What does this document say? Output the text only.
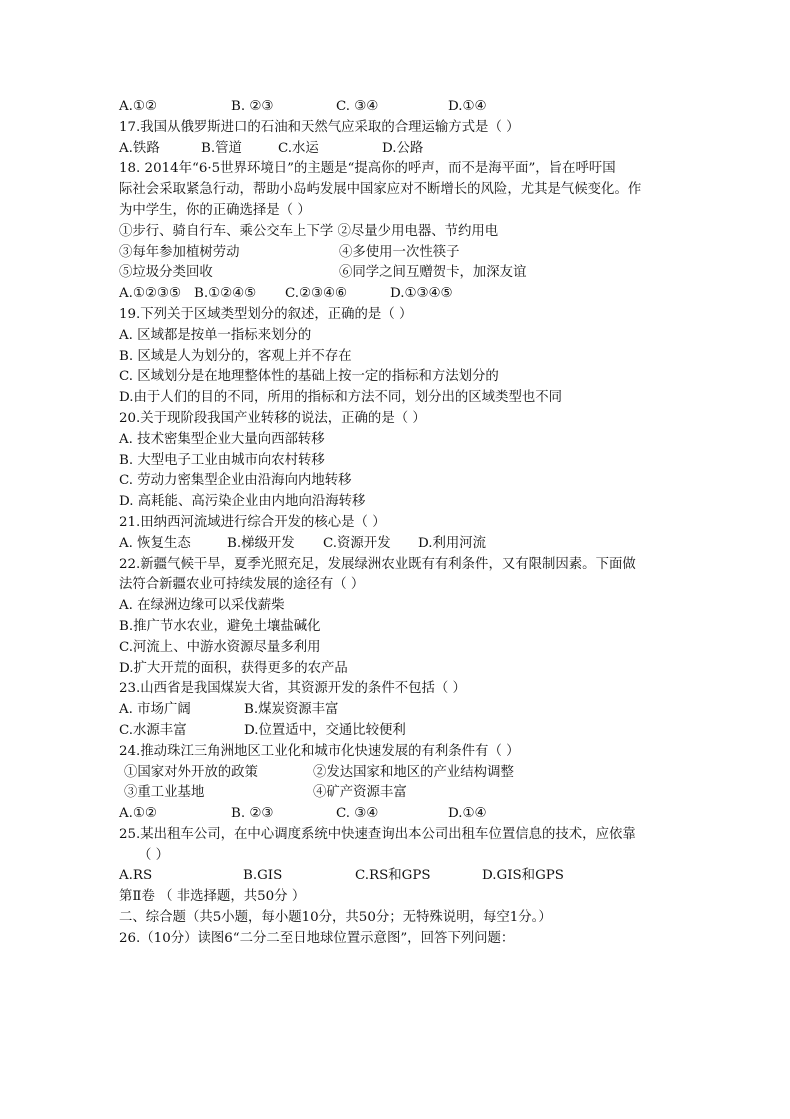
A.①②	B. ②③	C. ③④	D.①④
17.我国从俄罗斯进口的石油和天然气应采取的合理运输方式是（ ）
A.铁路	B.管道	C.水运	D.公路
18. 2014年“6·5世界环境日”的主题是“提高你的呼声，而不是海平面”，旨在呼吁国
际社会采取紧急行动，帮助小岛屿发展中国家应对不断增长的风险，尤其是气候变化。作
为中学生，你的正确选择是（ ）
①步行、骑自行车、乘公交车上下学 ②尽量少用电器、节约用电
③每年参加植树劳动	④多使用一次性筷子
⑤垃圾分类回收	⑥同学之间互赠贺卡，加深友谊
A.①②③⑤ B.①②④⑤	C.②③④⑥	D.①③④⑤
19.下列关于区域类型划分的叙述，正确的是（ ）
A. 区域都是按单一指标来划分的
B. 区域是人为划分的，客观上并不存在
C. 区域划分是在地理整体性的基础上按一定的指标和方法划分的
D.由于人们的目的不同，所用的指标和方法不同，划分出的区域类型也不同
20.关于现阶段我国产业转移的说法，正确的是（ ）
A. 技术密集型企业大量向西部转移
B. 大型电子工业由城市向农村转移
C. 劳动力密集型企业由沿海向内地转移
D. 高耗能、高污染企业由内地向沿海转移
21.田纳西河流域进行综合开发的核心是（ ）
A. 恢复生态	B.梯级开发	C.资源开发	D.利用河流
22.新疆气候干旱，夏季光照充足，发展绿洲农业既有有利条件，又有限制因素。下面做
法符合新疆农业可持续发展的途径有（ ）
A. 在绿洲边缘可以采伐薪柴
B.推广节水农业，避免土壤盐碱化
C.河流上、中游水资源尽量多利用
D.扩大开荒的面积，获得更多的农产品
23.山西省是我国煤炭大省，其资源开发的条件不包括（ ）
A. 市场广阔	B.煤炭资源丰富
C.水源丰富	D.位置适中，交通比较便利
24.推动珠江三角洲地区工业化和城市化快速发展的有利条件有（ ）
①国家对外开放的政策	②发达国家和地区的产业结构调整
③重工业基地	④矿产资源丰富
A.①②	B. ②③	C. ③④	D.①④
25.某出租车公司，在中心调度系统中快速查询出本公司出租车位置信息的技术，应依靠
（ ）
A.RS	B.GIS	C.RS和GPS	D.GIS和GPS
第Ⅱ卷 （ 非选择题，共50分 ）
二、综合题（共5小题，每小题10分，共50分；无特殊说明，每空1分。）
26.（10分）读图6“二分二至日地球位置示意图”，回答下列问题：
